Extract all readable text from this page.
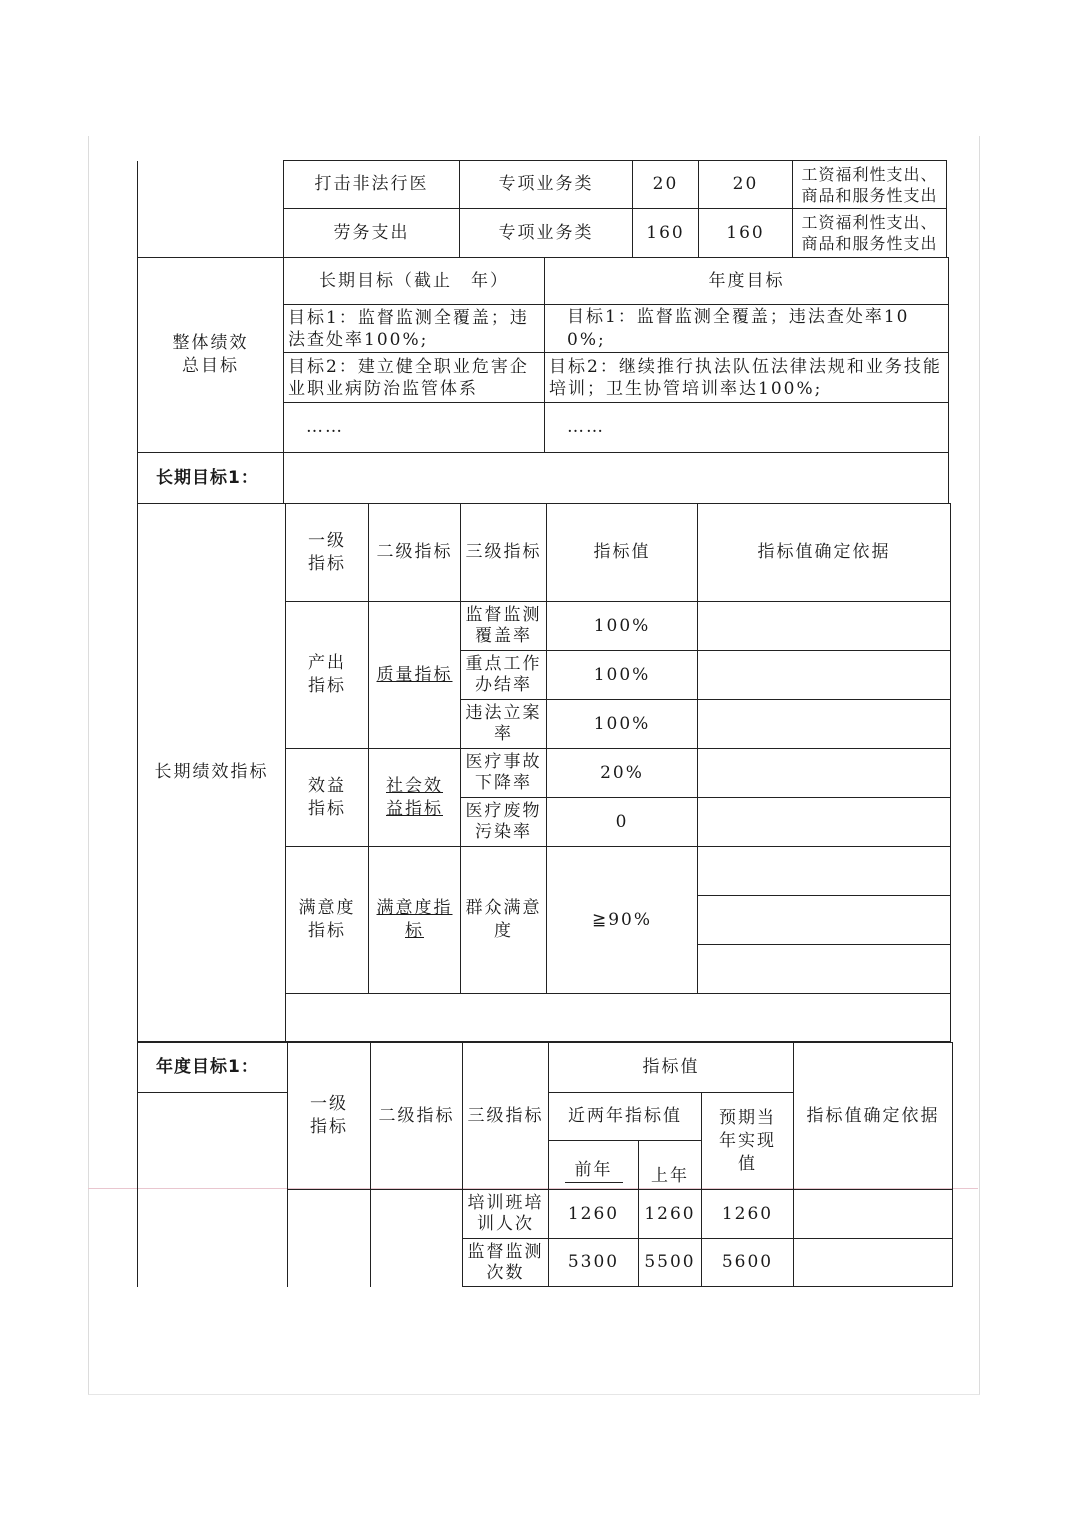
	打击非法行医	专项业务类	20	20	工资福利性支出、商品和服务性支出
	劳务支出	专项业务类	160	160	工资福利性支出、商品和服务性支出
整体绩效总目标	长期目标（截止　年）	年度目标
	目标1：监督监测全覆盖；违法查处率100%;	目标1：监督监测全覆盖；违法查处率100%;
	目标2：建立健全职业危害企业职业病防治监管体系	目标2：继续推行执法队伍法律法规和业务技能培训；卫生协管培训率达100%;
	……	……
长期目标1：	
长期绩效指标	一级指标	二级指标	三级指标	指标值	指标值确定依据
	产出指标	质量指标	监督监测覆盖率	100%	
			重点工作办结率	100%	
			违法立案率	100%	
	效益指标	社会效益指标	医疗事故下降率	20%	
			医疗废物污染率	0	
	满意度指标	满意度指标	群众满意度	≧90%	

年度目标1：	一级指标	二级指标	三级指标	指标值			指标值确定依据
				近两年指标值		预期当年实现值	
				前年	上年		
			培训班培训人次	1260	1260	1260	
			监督监测次数	5300	5500	5600	
